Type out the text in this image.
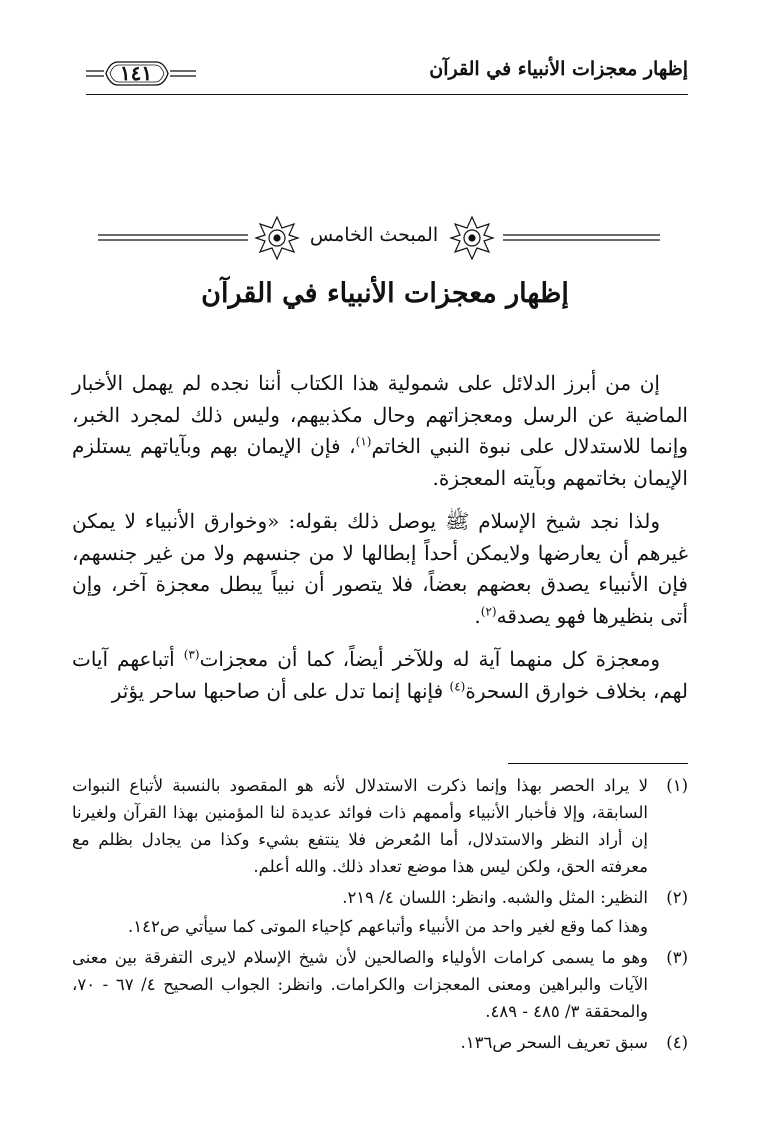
إظهار معجزات الأنبياء في القرآن
١٤١
المبحث الخامس
إظهار معجزات الأنبياء في القرآن

إن من أبرز الدلائل على شمولية هذا الكتاب أننا نجده لم يهمل الأخبار الماضية عن الرسل ومعجزاتهم وحال مكذبيهم، وليس ذلك لمجرد الخبر، وإنما للاستدلال على نبوة النبي الخاتم$^{(١)}$، فإن الإيمان بهم وبآياتهم يستلزم الإيمان بخاتمهم وبآيته المعجزة.

ولذا نجد شيخ الإسلام ﷺ يوصل ذلك بقوله: «وخوارق الأنبياء لا يمكن غيرهم أن يعارضها ولايمكن أحداً إبطالها لا من جنسهم ولا من غير جنسهم، فإن الأنبياء يصدق بعضهم بعضاً، فلا يتصور أن نبياً يبطل معجزة آخر، وإن أتى بنظيرها فهو يصدقه$^{(٢)}$.

ومعجزة كل منهما آية له وللآخر أيضاً، كما أن معجزات$^{(٣)}$ أتباعهم آيات لهم، بخلاف خوارق السحرة$^{(٤)}$ فإنها إنما تدل على أن صاحبها ساحر يؤثر

(١)

لا يراد الحصر بهذا وإنما ذكرت الاستدلال لأنه هو المقصود بالنسبة لأتباع النبوات السابقة، وإلا فأخبار الأنبياء وأممهم ذات فوائد عديدة لنا المؤمنين بهذا القرآن ولغيرنا إن أراد النظر والاستدلال، أما المُعرض فلا ينتفع بشيء وكذا من يجادل بظلم مع معرفته الحق، ولكن ليس هذا موضع تعداد ذلك. والله أعلم.

(٢)

النظير: المثل والشبه. وانظر: اللسان ٤/ ٢١٩.

وهذا كما وقع لغير واحد من الأنبياء وأتباعهم كإحياء الموتى كما سيأتي ص١٤٢.

(٣)

وهو ما يسمى كرامات الأولياء والصالحين لأن شيخ الإسلام لايرى التفرقة بين معنى الآيات والبراهين ومعنى المعجزات والكرامات. وانظر: الجواب الصحيح ٤/ ٦٧ - ٧٠، والمحققة ٣/ ٤٨٥ - ٤٨٩.

(٤)

سبق تعريف السحر ص١٣٦.
